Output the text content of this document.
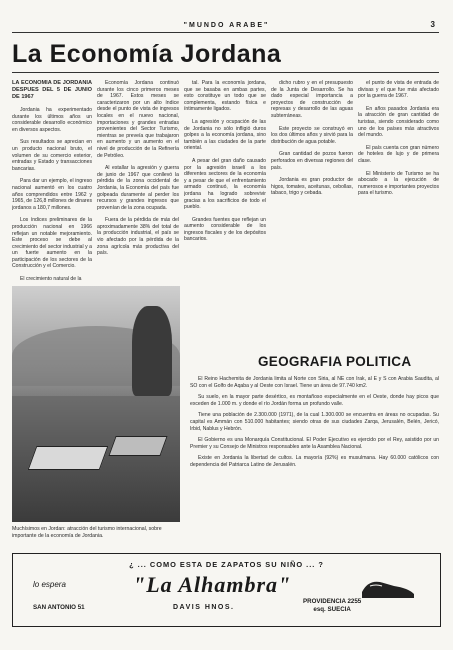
"MUNDO ARABE"	3
La Economía Jordana

LA ECONOMIA DE JORDANIA DESPUES DEL 5 DE JUNIO DE 1967

Jordania ha experimentado durante los últimos años un considerable desarrollo económico en diversos aspectos.

Sus resultados se aprecian en un producto nacional bruto, el volumen de su comercio exterior, entradas y Estado y transacciones bancarias.

Para dar un ejemplo, el ingreso nacional aumentó en los cuatro años comprendidos entre 1962 y 1965, de 126,8 millones de dinares jordanos a 180,7 millones.

Los índices preliminares de la producción nacional en 1966 reflejan un notable mejoramiento. Este proceso se debe al crecimiento del sector industrial y a un fuerte aumento en la participación de los sectores de la Construcción y el Comercio.

El crecimiento natural de la

Economía Jordana continuó durante los cinco primeros meses de 1967. Estos meses se caracterizaron por un alto índice desde el punto de vista de ingresos locales en el nuevo nacional, importaciones y grandes entradas provenientes del Sector Turismo, mientras se preveía que trabajaron en aumento y un aumento en el nivel de producción de la Refinería de Petróleo.

Al estallar la agresión y guerra de junio de 1967 que conllevó la pérdida de la zona occidental de Jordania, la Economía del país fue golpeada duramente al perder los recursos y grandes ingresos que provenían de la zona ocupada.

Fuera de la pérdida de más del aproximadamente 38% del total de la producción industrial, el país se vio afectado por la pérdida de la zona agrícola más productiva del país.

tal. Para la economía jordana, que se basaba en ambas partes, esto constituye un todo que se complementa, estando física e íntimamente ligados.

La agresión y ocupación de las de Jordania no sólo infligió duros golpes a la economía jordana, sino también a las ciudades de la parte oriental.

A pesar del gran daño causado por la agresión israelí a los diferentes sectores de la economía y a pesar de que el enfrentamiento armado continuó, la economía jordana ha logrado sobrevivir gracias a los sacrificios de todo el pueblo.

Grandes fuentes que reflejan un aumento considerable de los ingresos fiscales y de los depósitos bancarios.

dicho rubro y en el presupuesto de la Junta de Desarrollo. Se ha dado especial importancia a proyectos de construcción de represas y desarrollo de las aguas subterráneas.

Este proyecto se construyó en los dos últimos años y sirvió para la distribución de agua potable.

Gran cantidad de pozos fueron perforados en diversas regiones del país.

Jordania es gran productor de higos, tomates, aceitunas, cebollas, tabaco, trigo y cebada.

el punto de vista de entrada de divisas y el que fue más afectado por la guerra de 1967.

En años pasados Jordania era la atracción de gran cantidad de turistas, siendo considerado como uno de los países más atractivos del mundo.

El país cuenta con gran número de hoteles de lujo y de primera clase.

El Ministerio de Turismo se ha abocado a la ejecución de numerosos e importantes proyectos para el turismo.

Muchísimos en Jordan: atracción del turismo internacional, sobre importante de la economía de Jordania.
GEOGRAFIA POLITICA

El Reino Hachemita de Jordania limita al Norte con Siria, al NE con Irak, al E y S con Arabia Saudita, al SO con el Golfo de Aqaba y al Oeste con Israel. Tiene un área de 97.740 km2.

Su suelo, en la mayor parte desértico, es montañoso especialmente en el Oeste, donde hay picos que exceden de 1.000 m. y donde el río Jordán forma un profundo valle.

Tiene una población de 2.300.000 (1971), de la cual 1.300.000 se encuentra en áreas no ocupadas. Su capital es Ammán con 510.000 habitantes; siendo otras de sus ciudades Zarqa, Jerusalén, Belén, Jericó, Irbid, Nablus y Hebrón.

El Gobierno es una Monarquía Constitucional. El Poder Ejecutivo es ejercido por el Rey, asistido por un Premier y su Consejo de Ministros responsables ante la Asamblea Nacional.

Existe en Jordania la libertad de cultos. La mayoría (92%) es musulmana. Hay 60.000 católicos con dependencia del Patriarca Latino de Jerusalén.

¿ ... COMO ESTA DE ZAPATOS SU NIÑO ... ?
lo espera	"La Alhambra"
SAN ANTONIO 51	DAVIS HNOS.
PROVIDENCIA 2255
esq. SUECIA
